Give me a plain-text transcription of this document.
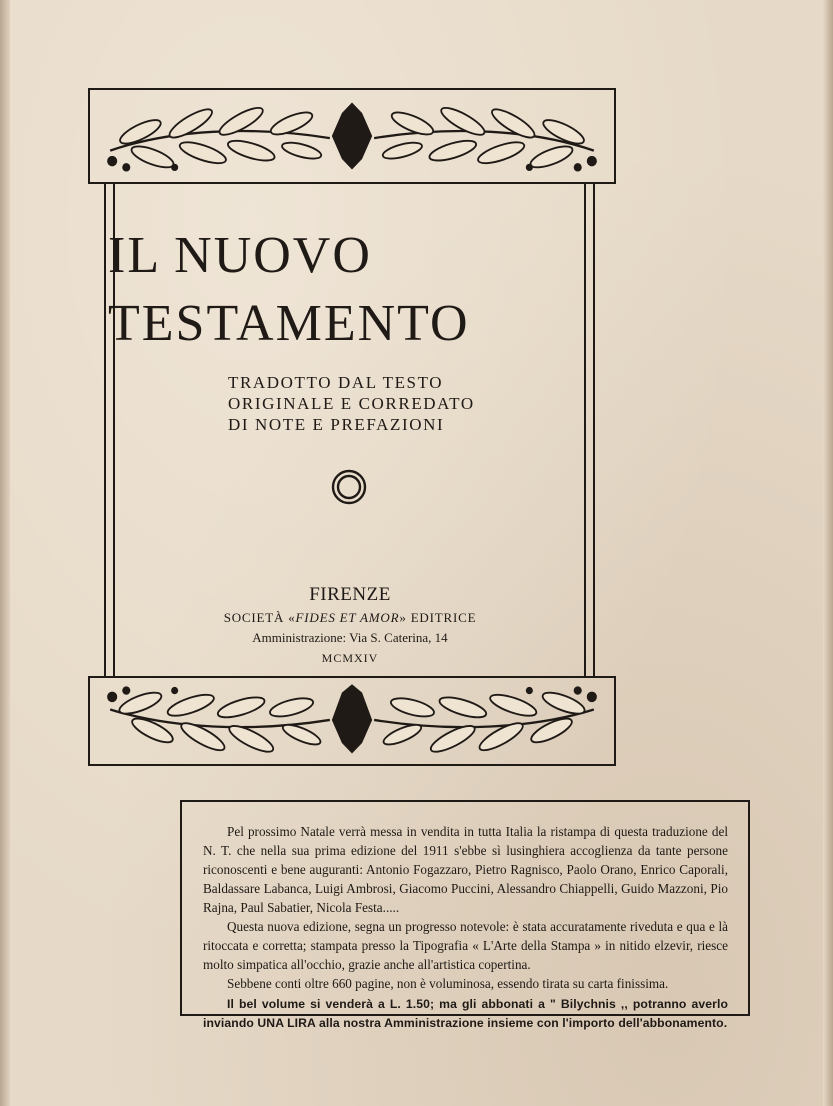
IL NUOVO
TESTAMENTO
TRADOTTO DAL TESTO
ORIGINALE E CORREDATO
DI NOTE E PREFAZIONI
FIRENZE
SOCIETÀ «FIDES ET AMOR» EDITRICE
Amministrazione: Via S. Caterina, 14
MCMXIV

Pel prossimo Natale verrà messa in vendita in tutta Italia la ristampa di questa traduzione del N. T. che nella sua prima edizione del 1911 s'ebbe sì lusinghiera accoglienza da tante persone riconoscenti e bene auguranti: Antonio Fogazzaro, Pietro Ragnisco, Paolo Orano, Enrico Caporali, Baldassare Labanca, Luigi Ambrosi, Giacomo Puccini, Alessandro Chiappelli, Guido Mazzoni, Pio Rajna, Paul Sabatier, Nicola Festa.....

Questa nuova edizione, segna un progresso notevole: è stata accuratamente riveduta e qua e là ritoccata e corretta; stampata presso la Tipografia « L'Arte della Stampa » in nitido elzevir, riesce molto simpatica all'occhio, grazie anche all'artistica copertina.

Sebbene conti oltre 660 pagine, non è voluminosa, essendo tirata su carta finissima.

Il bel volume si venderà a L. 1.50; ma gli abbonati a " Bilychnis ,, potranno averlo inviando UNA LIRA alla nostra Amministrazione insieme con l'importo dell'abbonamento.
